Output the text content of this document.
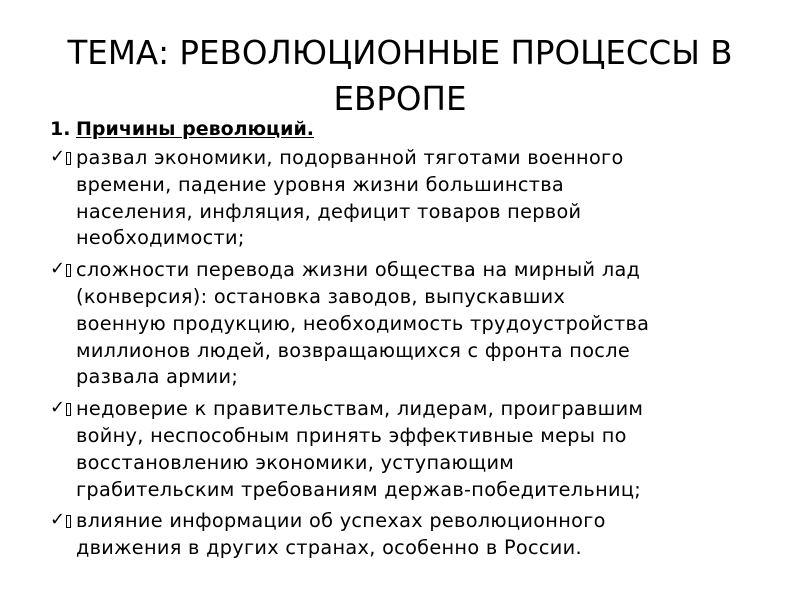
ТЕМА: РЕВОЛЮЦИОННЫЕ ПРОЦЕССЫ В
ЕВРОПЕ
1. Причины революций.
✓ развал экономики, подорванной тяготами военного
времени, падение уровня жизни большинства
населения, инфляция, дефицит товаров первой
необходимости;
✓ сложности перевода жизни общества на мирный лад
(конверсия): остановка заводов, выпускавших
военную продукцию, необходимость трудоустройства
миллионов людей, возвращающихся с фронта после
развала армии;
✓ недоверие к правительствам, лидерам, проигравшим
войну, неспособным принять эффективные меры по
восстановлению экономики, уступающим
грабительским требованиям держав-победительниц;
✓ влияние информации об успехах революционного
движения в других странах, особенно в России.
